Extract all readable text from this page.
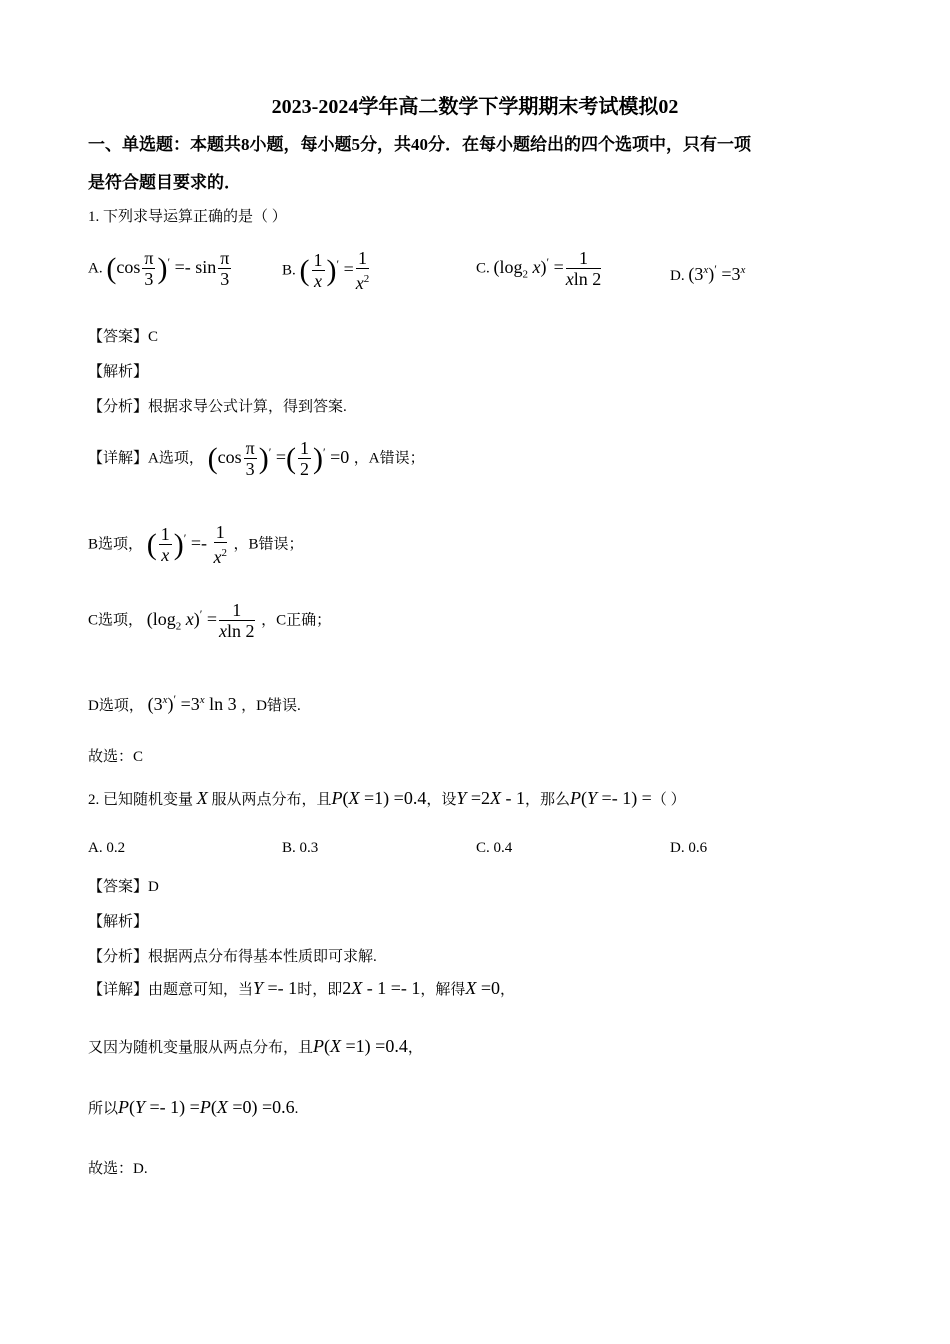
2023-2024学年高二数学下学期期末考试模拟02
一、单选题：本题共8小题，每小题5分，共40分．在每小题给出的四个选项中，只有一项
是符合题目要求的．
1. 下列求导运算正确的是（ ）
A. $(\cos \frac{\pi}{3} )' =- \sin \frac{\pi}{3}$	B. ( $\frac{1}{x} )' = \frac{1}{x^2}$	C. ($\log_2$ $x)' = \frac{1}{xln 2}$	D. $(3^x)' =3^x$
【答案】C
【解析】
【分析】根据求导公式计算，得到答案.
【详解】A选项， $(\cos \frac{\pi}{3} )'$ =( $\frac{1}{2} )' =0$ ，A错误；
B选项， ( $\frac{1}{x} )' =- \frac{1}{x^2}$ ，B错误；
C选项， ($\log_2$ $x)' = \frac{1}{xln 2}$ ，C正确；
D选项， $(3^x)' =3^x$ ln 3 ，D错误.
故选：C
2. 已知随机变量 X 服从两点分布，且P(X =1) =0.4，设Y =2X - 1，那么P(Y =- 1) =（ ）
A. 0.2	B. 0.3	C. 0.4	D. 0.6
【答案】D
【解析】
【分析】根据两点分布得基本性质即可求解.
【详解】由题意可知，当Y =- 1时，即2X - 1 =- 1，解得X =0，
又因为随机变量服从两点分布，且P(X =1) =0.4，
所以P(Y =- 1) =P(X =0) =0.6.
故选：D.
